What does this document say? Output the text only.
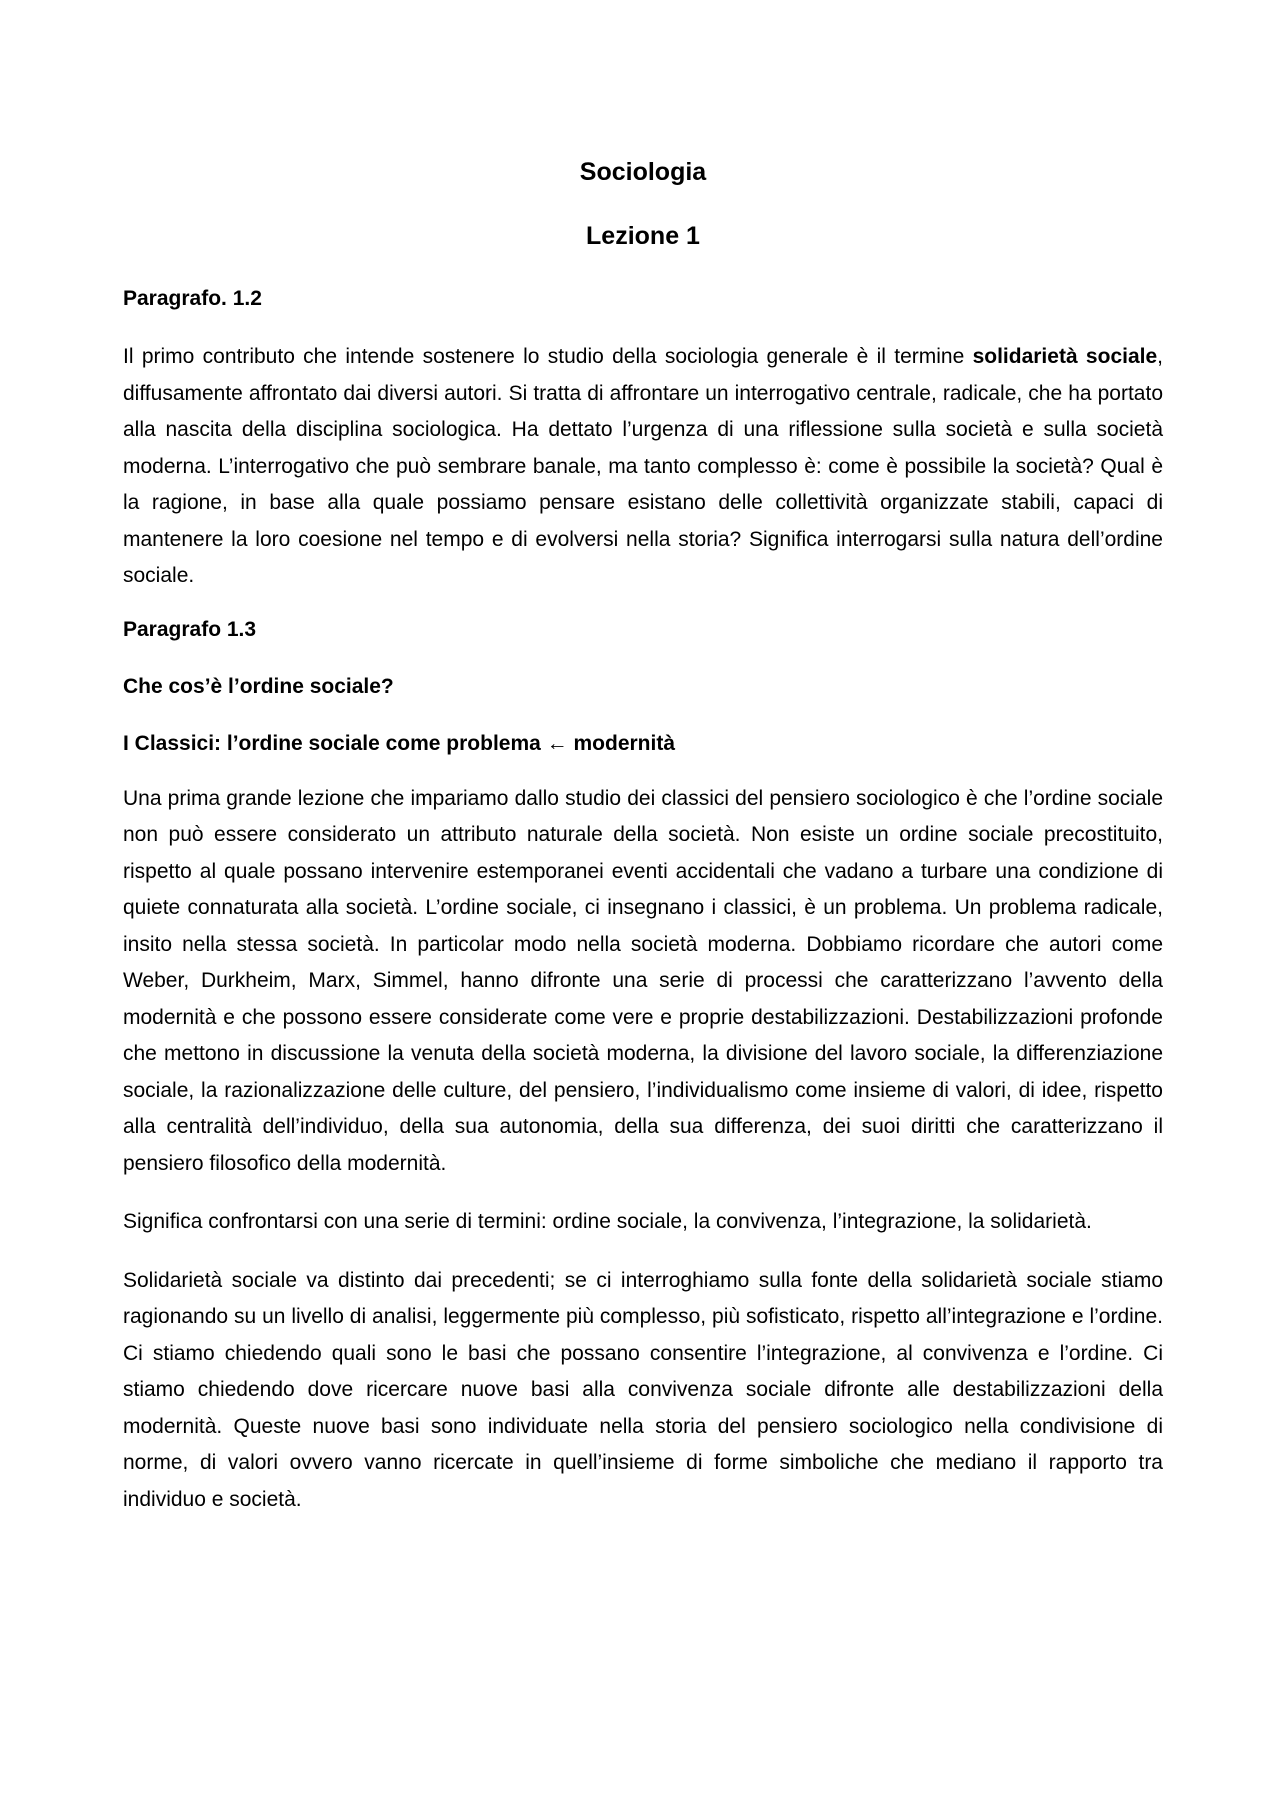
Sociologia

Lezione 1

Paragrafo. 1.2

Il primo contributo che intende sostenere lo studio della sociologia generale è il termine solidarietà sociale, diffusamente affrontato dai diversi autori. Si tratta di affrontare un interrogativo centrale, radicale, che ha portato alla nascita della disciplina sociologica. Ha dettato l’urgenza di una riflessione sulla società e sulla società moderna. L’interrogativo che può sembrare banale, ma tanto complesso è: come è possibile la società? Qual è la ragione, in base alla quale possiamo pensare esistano delle collettività organizzate stabili, capaci di mantenere la loro coesione nel tempo e di evolversi nella storia? Significa interrogarsi sulla natura dell’ordine sociale.

Paragrafo 1.3

Che cos’è l’ordine sociale?

I Classici: l’ordine sociale come problema ← modernità

Una prima grande lezione che impariamo dallo studio dei classici del pensiero sociologico è che l’ordine sociale non può essere considerato un attributo naturale della società. Non esiste un ordine sociale precostituito, rispetto al quale possano intervenire estemporanei eventi accidentali che vadano a turbare una condizione di quiete connaturata alla società. L’ordine sociale, ci insegnano i classici, è un problema. Un problema radicale, insito nella stessa società. In particolar modo nella società moderna. Dobbiamo ricordare che autori come Weber, Durkheim, Marx, Simmel, hanno difronte una serie di processi che caratterizzano l’avvento della modernità e che possono essere considerate come vere e proprie destabilizzazioni. Destabilizzazioni profonde che mettono in discussione la venuta della società moderna, la divisione del lavoro sociale, la differenziazione sociale, la razionalizzazione delle culture, del pensiero, l’individualismo come insieme di valori, di idee, rispetto alla centralità dell’individuo, della sua autonomia, della sua differenza, dei suoi diritti che caratterizzano il pensiero filosofico della modernità.

Significa confrontarsi con una serie di termini: ordine sociale, la convivenza, l’integrazione, la solidarietà.

Solidarietà sociale va distinto dai precedenti; se ci interroghiamo sulla fonte della solidarietà sociale stiamo ragionando su un livello di analisi, leggermente più complesso, più sofisticato, rispetto all’integrazione e l’ordine. Ci stiamo chiedendo quali sono le basi che possano consentire l’integrazione, al convivenza e l’ordine. Ci stiamo chiedendo dove ricercare nuove basi alla convivenza sociale difronte alle destabilizzazioni della modernità. Queste nuove basi sono individuate nella storia del pensiero sociologico nella condivisione di norme, di valori ovvero vanno ricercate in quell’insieme di forme simboliche che mediano il rapporto tra individuo e società.
